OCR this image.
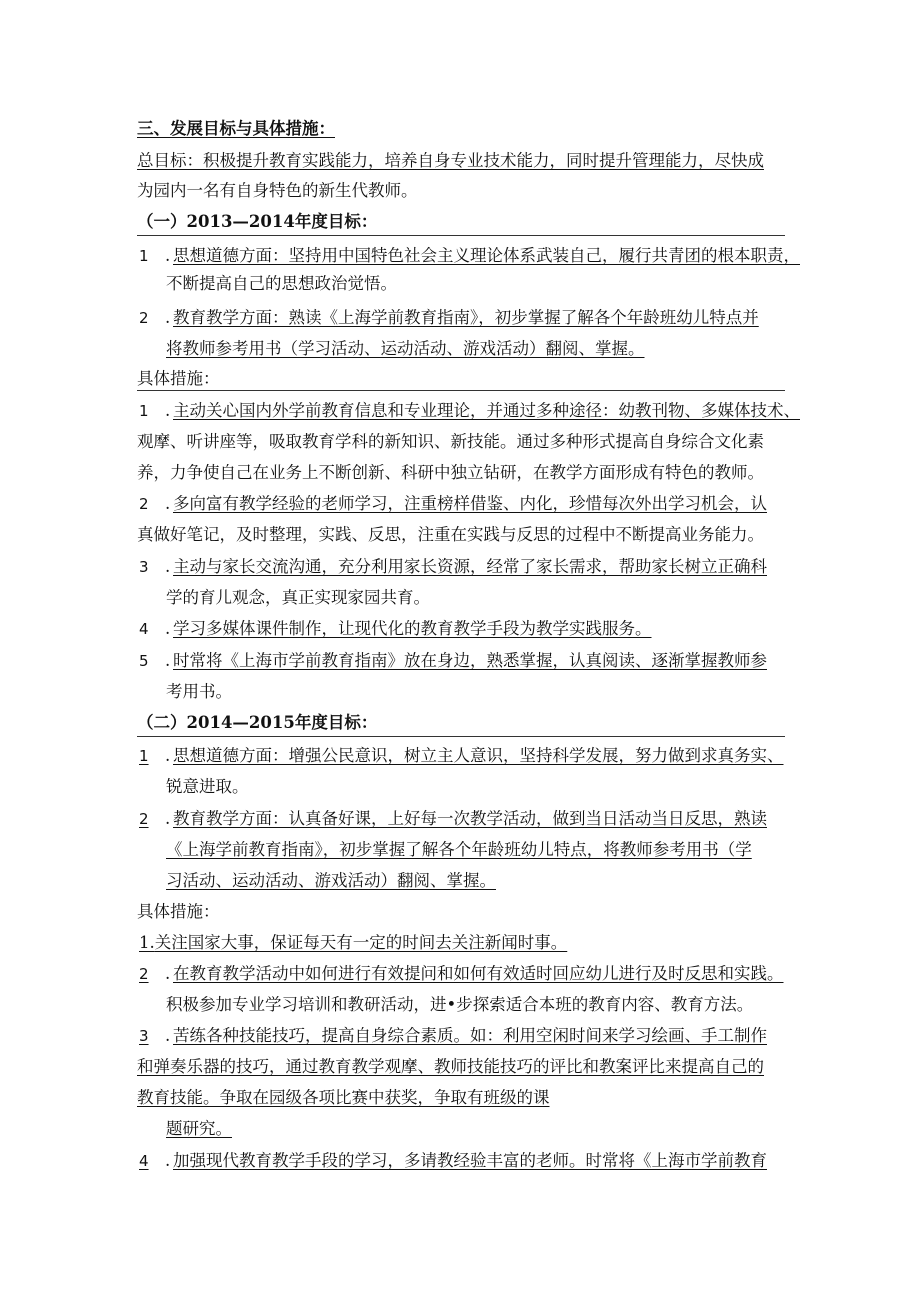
三、发展目标与具体措施：
总目标：积极提升教育实践能力，培养自身专业技术能力，同时提升管理能力，尽快成
为园内一名有自身特色的新生代教师。
（一）2013—2014年度目标：
1 . 思想道德方面：坚持用中国特色社会主义理论体系武装自己，履行共青团的根本职责，
不断提高自己的思想政治觉悟。
2 . 教育教学方面：熟读《上海学前教育指南》，初步掌握了解各个年龄班幼儿特点并
将教师参考用书（学习活动、运动活动、游戏活动）翻阅、掌握。
具体措施：
1 . 主动关心国内外学前教育信息和专业理论，并通过多种途径：幼教刊物、多媒体技术、
观摩、听讲座等，吸取教育学科的新知识、新技能。通过多种形式提高自身综合文化素
养，力争使自己在业务上不断创新、科研中独立钻研，在教学方面形成有特色的教师。
2 . 多向富有教学经验的老师学习，注重榜样借鉴、内化，珍惜每次外出学习机会，认
真做好笔记，及时整理，实践、反思，注重在实践与反思的过程中不断提高业务能力。
3 . 主动与家长交流沟通，充分利用家长资源，经常了家长需求，帮助家长树立正确科
学的育儿观念，真正实现家园共育。
4 . 学习多媒体课件制作，让现代化的教育教学手段为教学实践服务。
5 . 时常将《上海市学前教育指南》放在身边，熟悉掌握，认真阅读、逐渐掌握教师参
考用书。
（二）2014—2015年度目标：
1 . 思想道德方面：增强公民意识，树立主人意识，坚持科学发展，努力做到求真务实、
锐意进取。
2 . 教育教学方面：认真备好课，上好每一次教学活动，做到当日活动当日反思，熟读
《上海学前教育指南》，初步掌握了解各个年龄班幼儿特点，将教师参考用书（学
习活动、运动活动、游戏活动）翻阅、掌握。
具体措施：
1.关注国家大事，保证每天有一定的时间去关注新闻时事。
2 . 在教育教学活动中如何进行有效提问和如何有效适时回应幼儿进行及时反思和实践。
积极参加专业学习培训和教研活动，进•步探索适合本班的教育内容、教育方法。
3 . 苦练各种技能技巧，提高自身综合素质。如：利用空闲时间来学习绘画、手工制作
和弹奏乐器的技巧，通过教育教学观摩、教师技能技巧的评比和教案评比来提高自己的
教育技能。争取在园级各项比赛中获奖，争取有班级的课
题研究。
4 . 加强现代教育教学手段的学习，多请教经验丰富的老师。时常将《上海市学前教育
